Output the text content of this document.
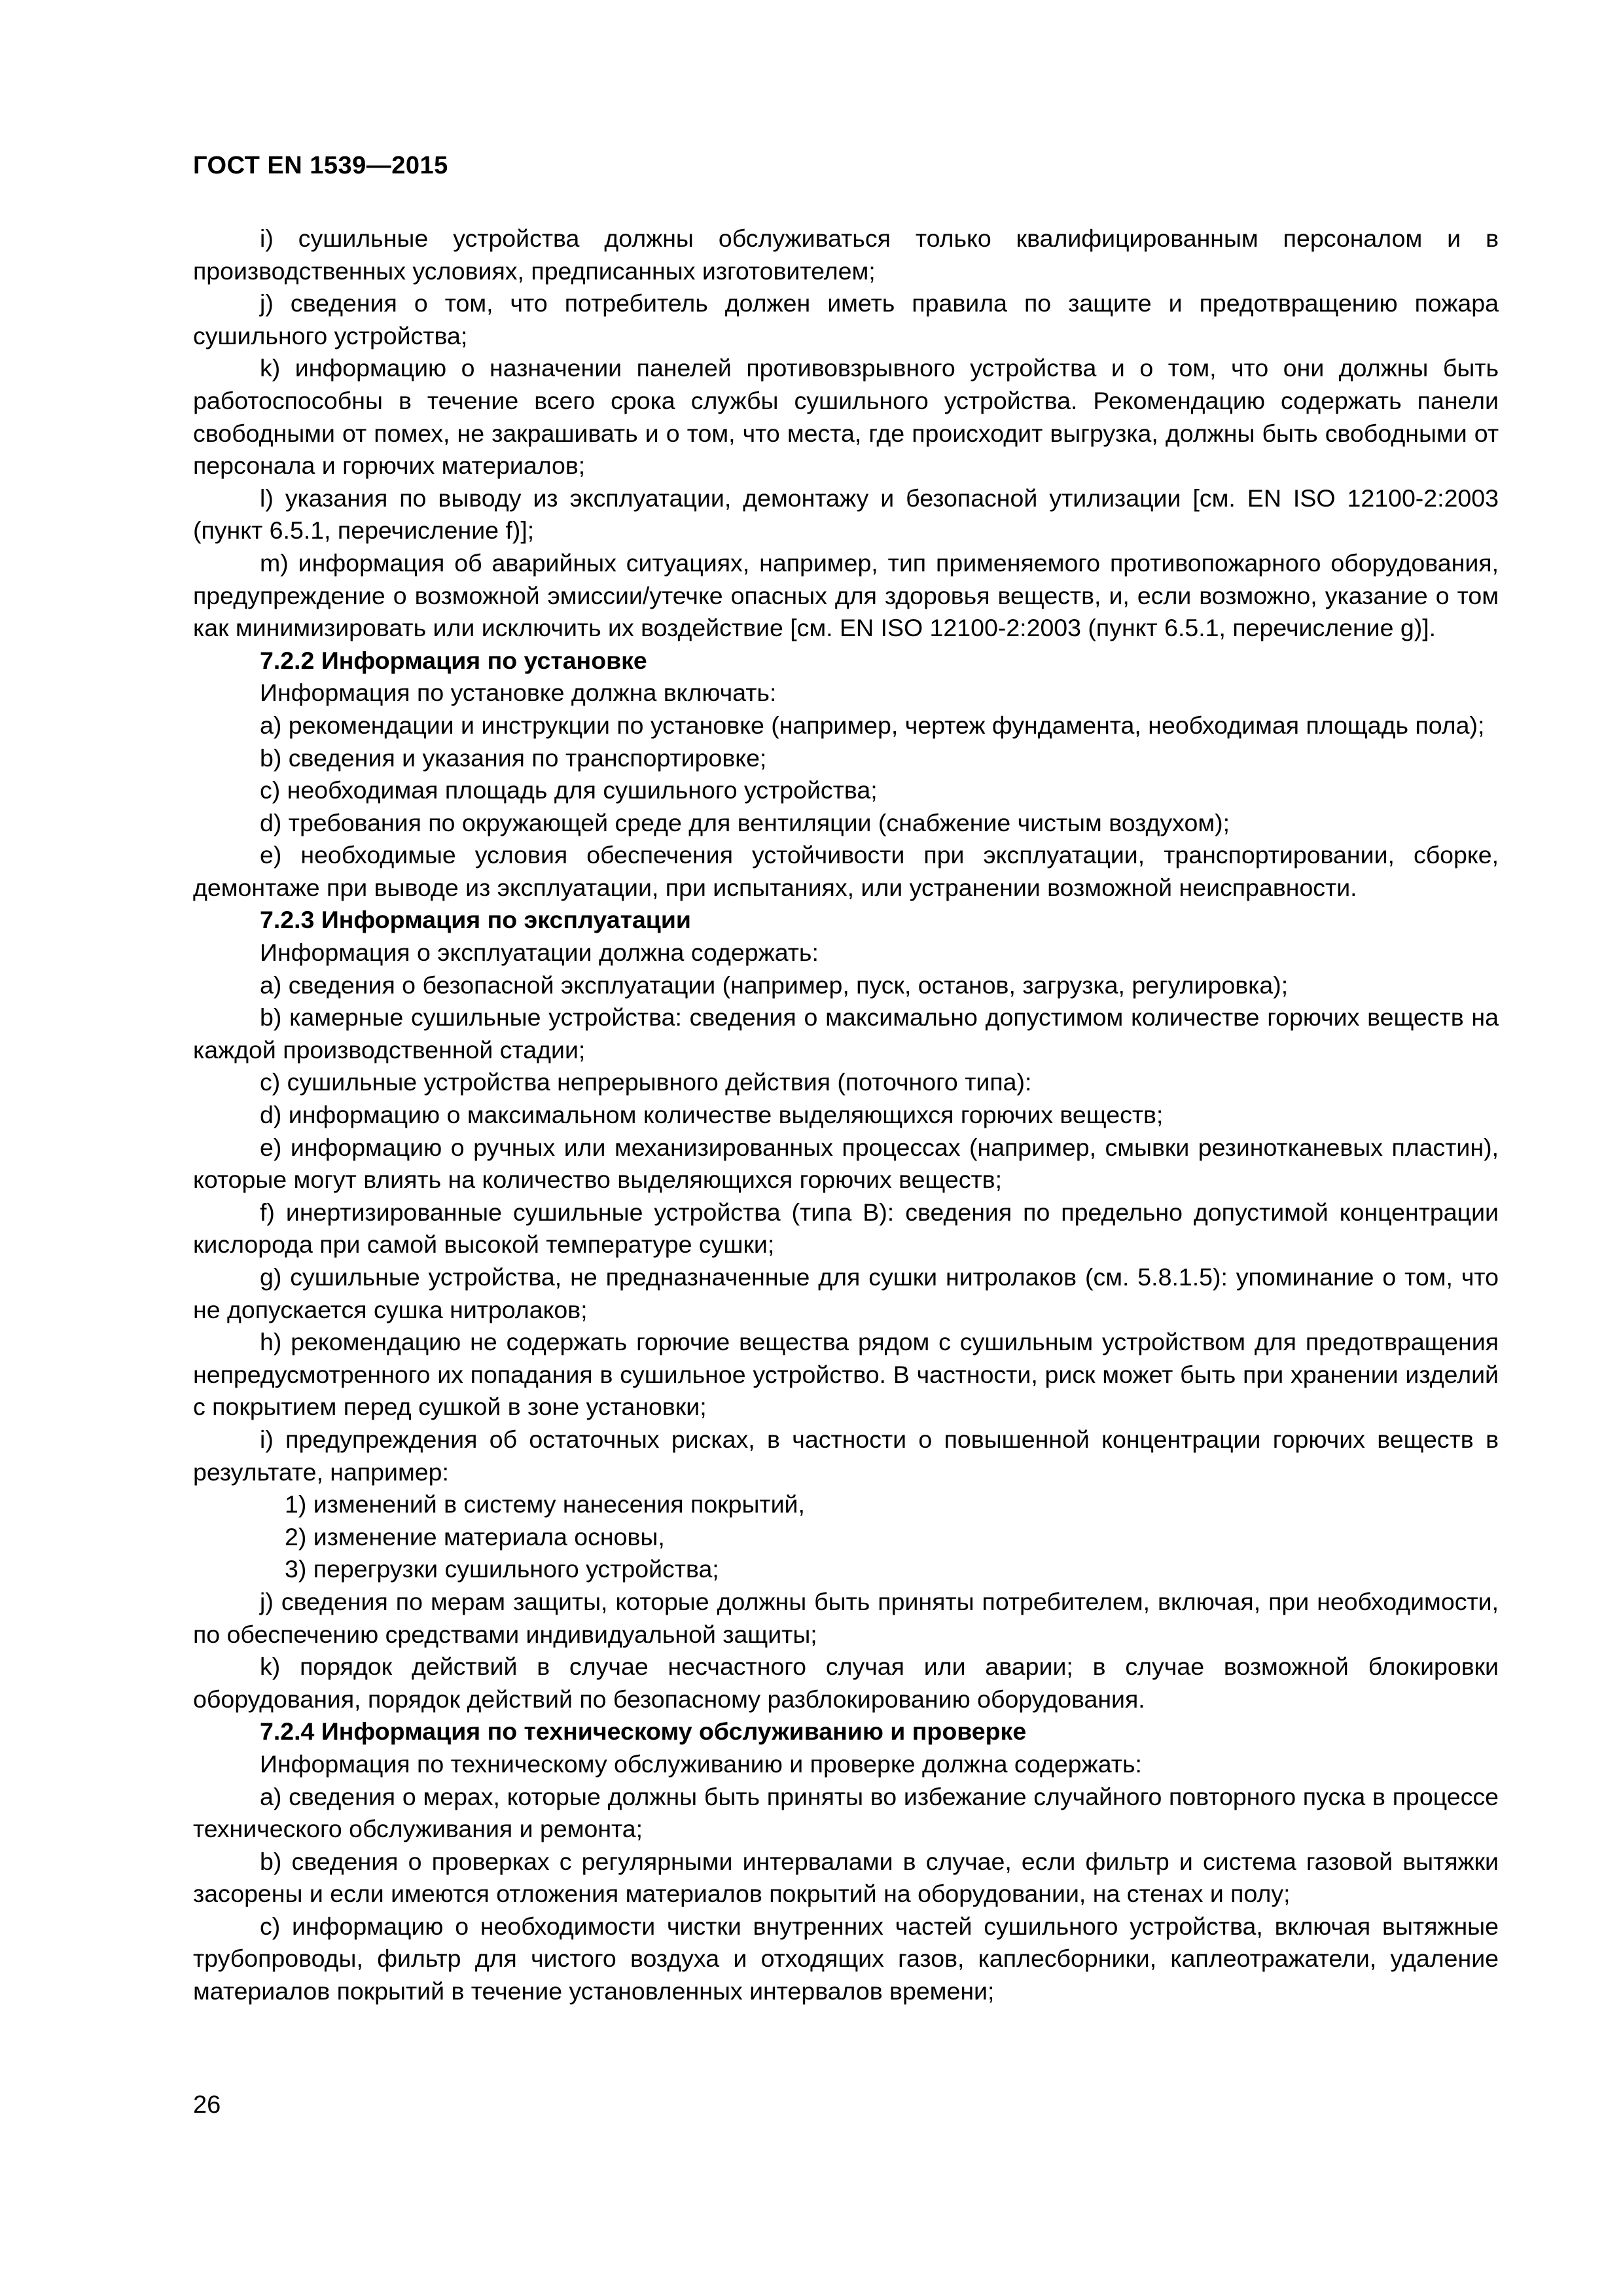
ГОСТ EN 1539—2015

i) сушильные устройства должны обслуживаться только квалифицированным персоналом и в производственных условиях, предписанных изготовителем;

j) сведения о том, что потребитель должен иметь правила по защите и предотвращению пожара сушильного устройства;

k) информацию о назначении панелей противовзрывного устройства и о том, что они должны быть работоспособны в течение всего срока службы сушильного устройства. Рекомендацию содержать панели свободными от помех, не закрашивать и о том, что места, где происходит выгрузка, должны быть свободными от персонала и горючих материалов;

l) указания по выводу из эксплуатации, демонтажу и безопасной утилизации [см. EN ISO 12100-2:2003 (пункт 6.5.1, перечисление f)];

m) информация об аварийных ситуациях, например, тип применяемого противопожарного оборудования, предупреждение о возможной эмиссии/утечке опасных для здоровья веществ, и, если возможно, указание о том как минимизировать или исключить их воздействие [см. EN ISO 12100-2:2003 (пункт 6.5.1, перечисление g)].

7.2.2 Информация по установке

Информация по установке должна включать:

a) рекомендации и инструкции по установке (например, чертеж фундамента, необходимая площадь пола);

b) сведения и указания по транспортировке;

c) необходимая площадь для сушильного устройства;

d) требования по окружающей среде для вентиляции (снабжение чистым воздухом);

e) необходимые условия обеспечения устойчивости при эксплуатации, транспортировании, сборке, демонтаже при выводе из эксплуатации, при испытаниях, или устранении возможной неисправности.

7.2.3 Информация по эксплуатации

Информация о эксплуатации должна содержать:

a) сведения о безопасной эксплуатации (например, пуск, останов, загрузка, регулировка);

b) камерные сушильные устройства: сведения о максимально допустимом количестве горючих веществ на каждой производственной стадии;

c) сушильные устройства непрерывного действия (поточного типа):

d) информацию о максимальном количестве выделяющихся горючих веществ;

e) информацию о ручных или механизированных процессах (например, смывки резинотканевых пластин), которые могут влиять на количество выделяющихся горючих веществ;

f) инертизированные сушильные устройства (типа B): сведения по предельно допустимой концентрации кислорода при самой высокой температуре сушки;

g) сушильные устройства, не предназначенные для сушки нитролаков (см. 5.8.1.5): упоминание о том, что не допускается сушка нитролаков;

h) рекомендацию не содержать горючие вещества рядом с сушильным устройством для предотвращения непредусмотренного их попадания в сушильное устройство. В частности, риск может быть при хранении изделий с покрытием перед сушкой в зоне установки;

i) предупреждения об остаточных рисках, в частности о повышенной концентрации горючих веществ в результате, например:

1) изменений в систему нанесения покрытий,

2) изменение материала основы,

3) перегрузки сушильного устройства;

j) сведения по мерам защиты, которые должны быть приняты потребителем, включая, при необходимости, по обеспечению средствами индивидуальной защиты;

k) порядок действий в случае несчастного случая или аварии; в случае возможной блокировки оборудования, порядок действий по безопасному разблокированию оборудования.

7.2.4 Информация по техническому обслуживанию и проверке

Информация по техническому обслуживанию и проверке должна содержать:

a) сведения о мерах, которые должны быть приняты во избежание случайного повторного пуска в процессе технического обслуживания и ремонта;

b) сведения о проверках с регулярными интервалами в случае, если фильтр и система газовой вытяжки засорены и если имеются отложения материалов покрытий на оборудовании, на стенах и полу;

c) информацию о необходимости чистки внутренних частей сушильного устройства, включая вытяжные трубопроводы, фильтр для чистого воздуха и отходящих газов, каплесборники, каплеотражатели, удаление материалов покрытий в течение установленных интервалов времени;

26
